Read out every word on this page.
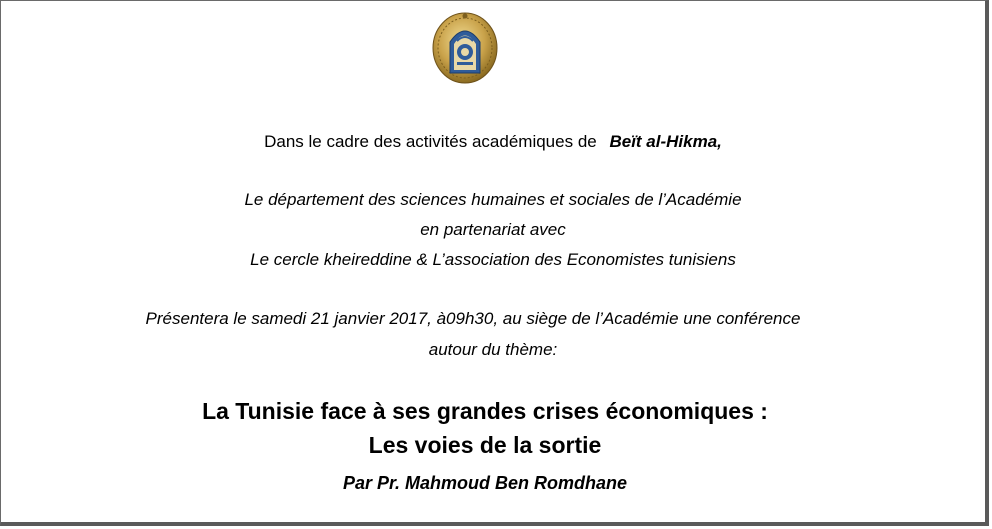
Dans le cadre des activités académiques de Beït al-Hikma,
Le département des sciences humaines et sociales de l’Académie
en partenariat avec
Le cercle kheireddine & L’association des Economistes tunisiens
Présentera le samedi 21 janvier 2017, à09h30, au siège de l’Académie une conférence
autour du thème:
La Tunisie face à ses grandes crises économiques :
Les voies de la sortie
Par Pr. Mahmoud Ben Romdhane
